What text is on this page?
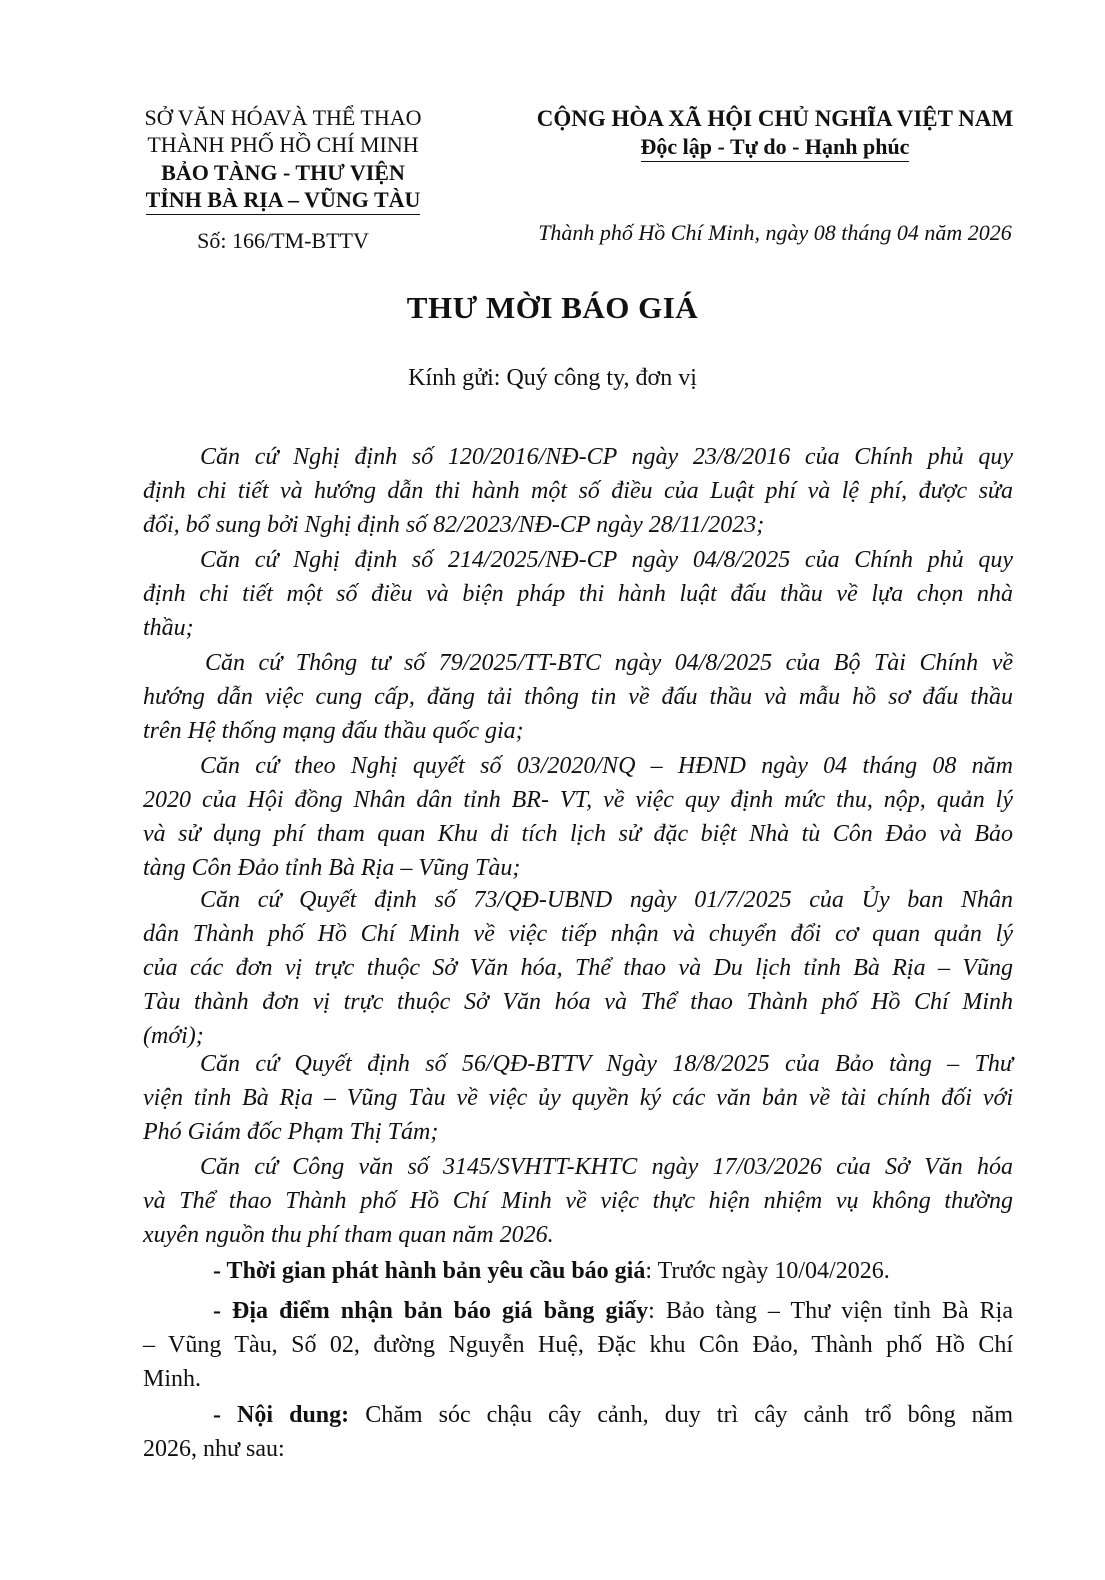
SỞ VĂN HÓAVÀ THỂ THAO
THÀNH PHỐ HỒ CHÍ MINH
BẢO TÀNG - THƯ VIỆN
TỈNH BÀ RỊA – VŨNG TÀU
Số: 166/TM-BTTV
CỘNG HÒA XÃ HỘI CHỦ NGHĨA VIỆT NAM
Độc lập - Tự do - Hạnh phúc
Thành phố Hồ Chí Minh, ngày 08 tháng 04 năm 2026
THƯ MỜI BÁO GIÁ
Kính gửi: Quý công ty, đơn vị
Căn cứ Nghị định số 120/2016/NĐ-CP ngày 23/8/2016 của Chính phủ quy
định chi tiết và hướng dẫn thi hành một số điều của Luật phí và lệ phí, được sửa
đổi, bổ sung bởi Nghị định số 82/2023/NĐ-CP ngày 28/11/2023;
Căn cứ Nghị định số 214/2025/NĐ-CP ngày 04/8/2025 của Chính phủ quy
định chi tiết một số điều và biện pháp thi hành luật đấu thầu về lựa chọn nhà
thầu;
Căn cứ Thông tư số 79/2025/TT-BTC ngày 04/8/2025 của Bộ Tài Chính về
hướng dẫn việc cung cấp, đăng tải thông tin về đấu thầu và mẫu hồ sơ đấu thầu
trên Hệ thống mạng đấu thầu quốc gia;
Căn cứ theo Nghị quyết số 03/2020/NQ – HĐND ngày 04 tháng 08 năm
2020 của Hội đồng Nhân dân tỉnh BR- VT, về việc quy định mức thu, nộp, quản lý
và sử dụng phí tham quan Khu di tích lịch sử đặc biệt Nhà tù Côn Đảo và Bảo
tàng Côn Đảo tỉnh Bà Rịa – Vũng Tàu;
Căn cứ Quyết định số 73/QĐ-UBND ngày 01/7/2025 của Ủy ban Nhân
dân Thành phố Hồ Chí Minh về việc tiếp nhận và chuyển đổi cơ quan quản lý
của các đơn vị trực thuộc Sở Văn hóa, Thể thao và Du lịch tỉnh Bà Rịa – Vũng
Tàu thành đơn vị trực thuộc Sở Văn hóa và Thể thao Thành phố Hồ Chí Minh
(mới);
Căn cứ Quyết định số 56/QĐ-BTTV Ngày 18/8/2025 của Bảo tàng – Thư
viện tỉnh Bà Rịa – Vũng Tàu về việc ủy quyền ký các văn bản về tài chính đối với
Phó Giám đốc Phạm Thị Tám;
Căn cứ Công văn số 3145/SVHTT-KHTC ngày 17/03/2026 của Sở Văn hóa
và Thể thao Thành phố Hồ Chí Minh về việc thực hiện nhiệm vụ không thường
xuyên nguồn thu phí tham quan năm 2026.
- Thời gian phát hành bản yêu cầu báo giá: Trước ngày 10/04/2026.
- Địa điểm nhận bản báo giá bằng giấy: Bảo tàng – Thư viện tỉnh Bà Rịa
– Vũng Tàu, Số 02, đường Nguyễn Huệ, Đặc khu Côn Đảo, Thành phố Hồ Chí
Minh.
- Nội dung: Chăm sóc chậu cây cảnh, duy trì cây cảnh trổ bông năm
2026, như sau:
